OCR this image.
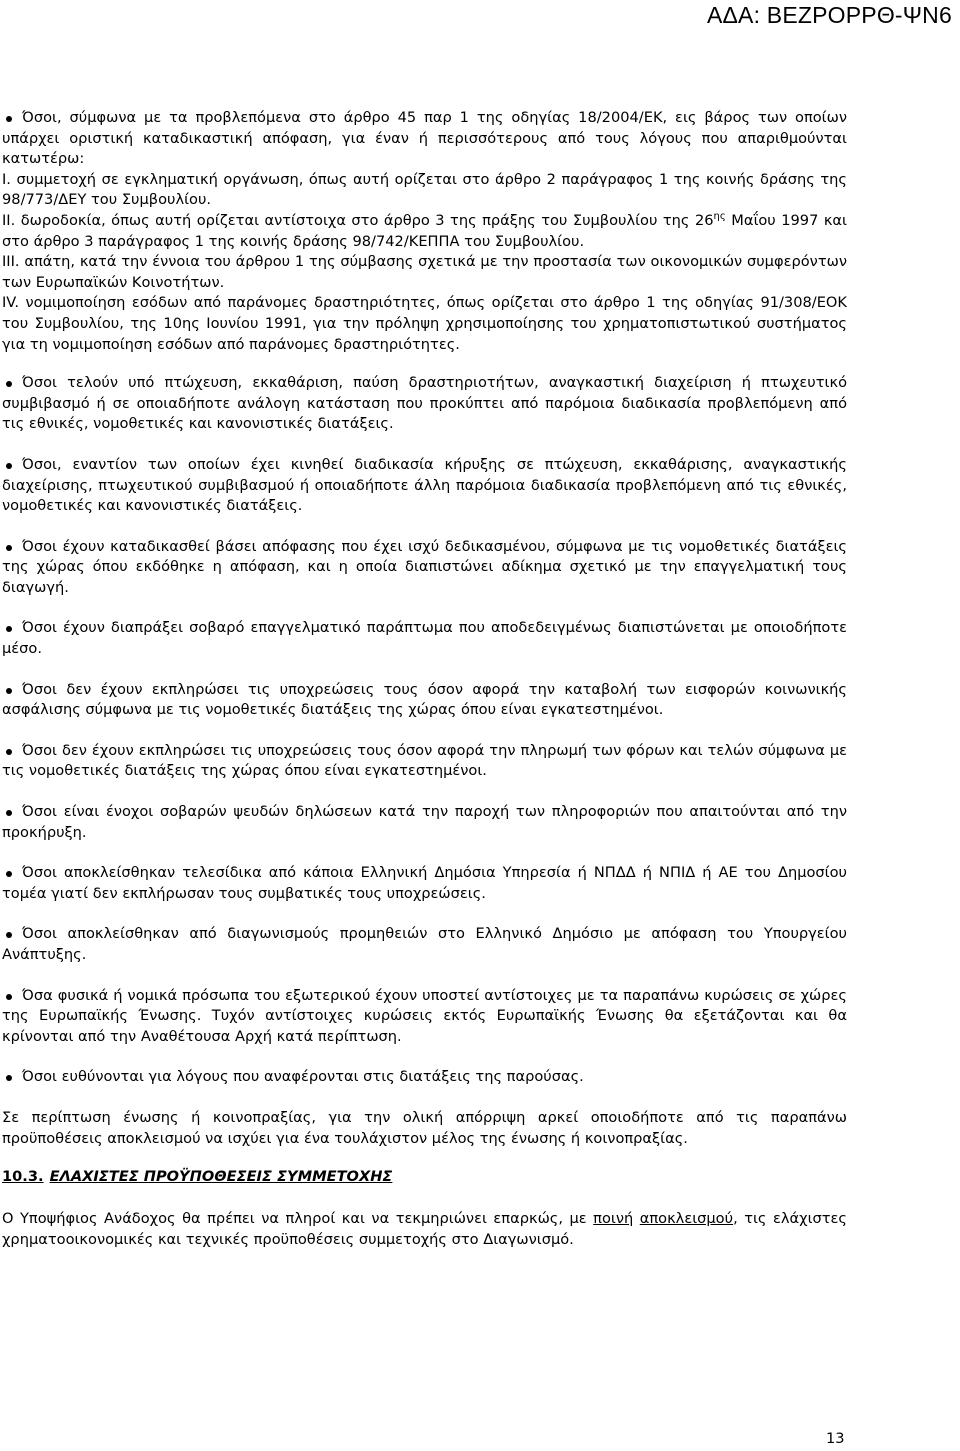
ΑΔΑ: ΒΕΖΡΟΡΡΘ-ΨΝ6
Όσοι, σύμφωνα με τα προβλεπόμενα στο άρθρο 45 παρ 1 της οδηγίας 18/2004/ΕΚ, εις βάρος των οποίων υπάρχει οριστική καταδικαστική απόφαση, για έναν ή περισσότερους από τους λόγους που απαριθμούνται κατωτέρω:
Ι. συμμετοχή σε εγκληματική οργάνωση, όπως αυτή ορίζεται στο άρθρο 2 παράγραφος 1 της κοινής δράσης της 98/773/ΔΕΥ του Συμβουλίου.
ΙΙ. δωροδοκία, όπως αυτή ορίζεται αντίστοιχα στο άρθρο 3 της πράξης του Συμβουλίου της $26^{\eta\varsigma}$ Μαΐου 1997 και στο άρθρο 3 παράγραφος 1 της κοινής δράσης 98/742/ΚΕΠΠΑ του Συμβουλίου.
ΙΙΙ. απάτη, κατά την έννοια του άρθρου 1 της σύμβασης σχετικά με την προστασία των οικονομικών συμφερόντων των Ευρωπαϊκών Κοινοτήτων.
ΙV. νομιμοποίηση εσόδων από παράνομες δραστηριότητες, όπως ορίζεται στο άρθρο 1 της οδηγίας 91/308/ΕΟΚ του Συμβουλίου, της 10ης Ιουνίου 1991, για την πρόληψη χρησιμοποίησης του χρηματοπιστωτικού συστήματος για τη νομιμοποίηση εσόδων από παράνομες δραστηριότητες.
Όσοι τελούν υπό πτώχευση, εκκαθάριση, παύση δραστηριοτήτων, αναγκαστική διαχείριση ή πτωχευτικό συμβιβασμό ή σε οποιαδήποτε ανάλογη κατάσταση που προκύπτει από παρόμοια διαδικασία προβλεπόμενη από τις εθνικές, νομοθετικές και κανονιστικές διατάξεις.
Όσοι, εναντίον των οποίων έχει κινηθεί διαδικασία κήρυξης σε πτώχευση, εκκαθάρισης, αναγκαστικής διαχείρισης, πτωχευτικού συμβιβασμού ή οποιαδήποτε άλλη παρόμοια διαδικασία προβλεπόμενη από τις εθνικές, νομοθετικές και κανονιστικές διατάξεις.
Όσοι έχουν καταδικασθεί βάσει απόφασης που έχει ισχύ δεδικασμένου, σύμφωνα με τις νομοθετικές διατάξεις της χώρας όπου εκδόθηκε η απόφαση, και η οποία διαπιστώνει αδίκημα σχετικό με την επαγγελματική τους διαγωγή.
Όσοι έχουν διαπράξει σοβαρό επαγγελματικό παράπτωμα που αποδεδειγμένως διαπιστώνεται με οποιοδήποτε μέσο.
Όσοι δεν έχουν εκπληρώσει τις υποχρεώσεις τους όσον αφορά την καταβολή των εισφορών κοινωνικής ασφάλισης σύμφωνα με τις νομοθετικές διατάξεις της χώρας όπου είναι εγκατεστημένοι.
Όσοι δεν έχουν εκπληρώσει τις υποχρεώσεις τους όσον αφορά την πληρωμή των φόρων και τελών σύμφωνα με τις νομοθετικές διατάξεις της χώρας όπου είναι εγκατεστημένοι.
Όσοι είναι ένοχοι σοβαρών ψευδών δηλώσεων κατά την παροχή των πληροφοριών που απαιτούνται από την προκήρυξη.
Όσοι αποκλείσθηκαν τελεσίδικα από κάποια Ελληνική Δημόσια Υπηρεσία ή ΝΠΔΔ ή ΝΠΙΔ ή ΑΕ του Δημοσίου τομέα γιατί δεν εκπλήρωσαν τους συμβατικές τους υποχρεώσεις.
Όσοι αποκλείσθηκαν από διαγωνισμούς προμηθειών στο Ελληνικό Δημόσιο με απόφαση του Υπουργείου Ανάπτυξης.
Όσα φυσικά ή νομικά πρόσωπα του εξωτερικού έχουν υποστεί αντίστοιχες με τα παραπάνω κυρώσεις σε χώρες της Ευρωπαϊκής Ένωσης. Τυχόν αντίστοιχες κυρώσεις εκτός Ευρωπαϊκής Ένωσης θα εξετάζονται και θα κρίνονται από την Αναθέτουσα Αρχή κατά περίπτωση.
Όσοι ευθύνονται για λόγους που αναφέρονται στις διατάξεις της παρούσας.

Σε περίπτωση ένωσης ή κοινοπραξίας, για την ολική απόρριψη αρκεί οποιοδήποτε από τις παραπάνω προϋποθέσεις αποκλεισμού να ισχύει για ένα τουλάχιστον μέλος της ένωσης ή κοινοπραξίας.

10.3. ΕΛΑΧΙΣΤΕΣ ΠΡΟΫΠΟΘΕΣΕΙΣ ΣΥΜΜΕΤΟΧΗΣ

Ο Υποψήφιος Ανάδοχος θα πρέπει να πληροί και να τεκμηριώνει επαρκώς, με ποινή αποκλεισμού, τις ελάχιστες χρηματοοικονομικές και τεχνικές προϋποθέσεις συμμετοχής στο Διαγωνισμό.

13
